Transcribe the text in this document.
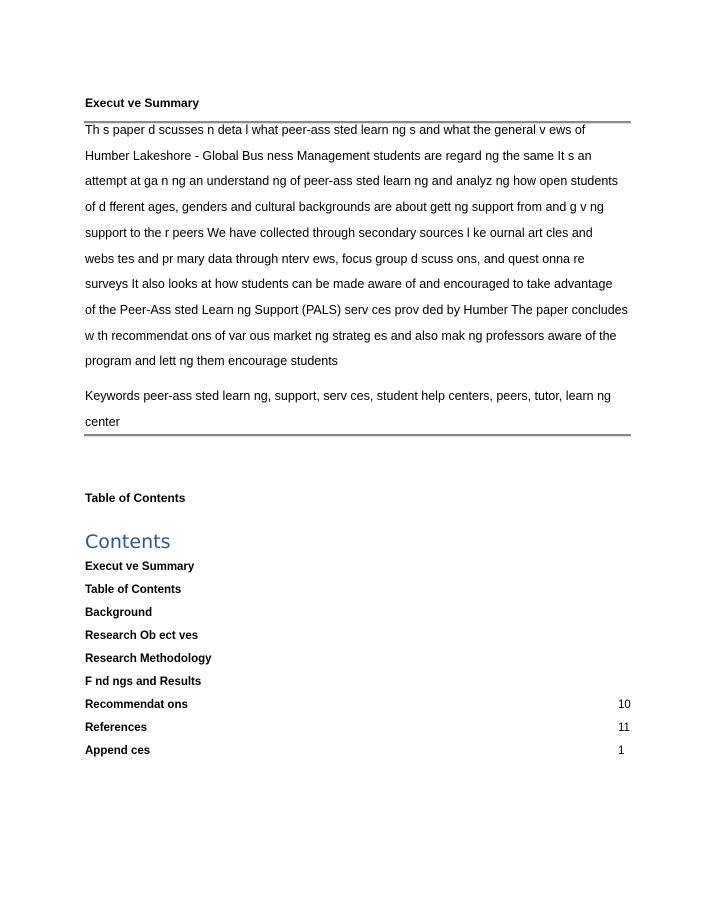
Execut ve Summary

Th s paper d scusses n deta l what peer-ass sted learn ng s and what the general v ews of

Humber Lakeshore - Global Bus ness Management students are regard ng the same It s an

attempt at ga n ng an understand ng of peer-ass sted learn ng and analyz ng how open students

of d fferent ages, genders and cultural backgrounds are about gett ng support from and g v ng

support to the r peers We have collected through secondary sources l ke ournal art cles and

webs tes and pr mary data through nterv ews, focus group d scuss ons, and quest onna re

surveys It also looks at how students can be made aware of and encouraged to take advantage

of the Peer-Ass sted Learn ng Support (PALS) serv ces prov ded by Humber The paper concludes

w th recommendat ons of var ous market ng strateg es and also mak ng professors aware of the

program and lett ng them encourage students

Keywords peer-ass sted learn ng, support, serv ces, student help centers, peers, tutor, learn ng

center

Table of Contents
Contents
Execut ve Summary
Table of Contents
Background
Research Ob ect ves
Research Methodology
F nd ngs and Results
Recommendat ons	10
References	11
Append ces	1
